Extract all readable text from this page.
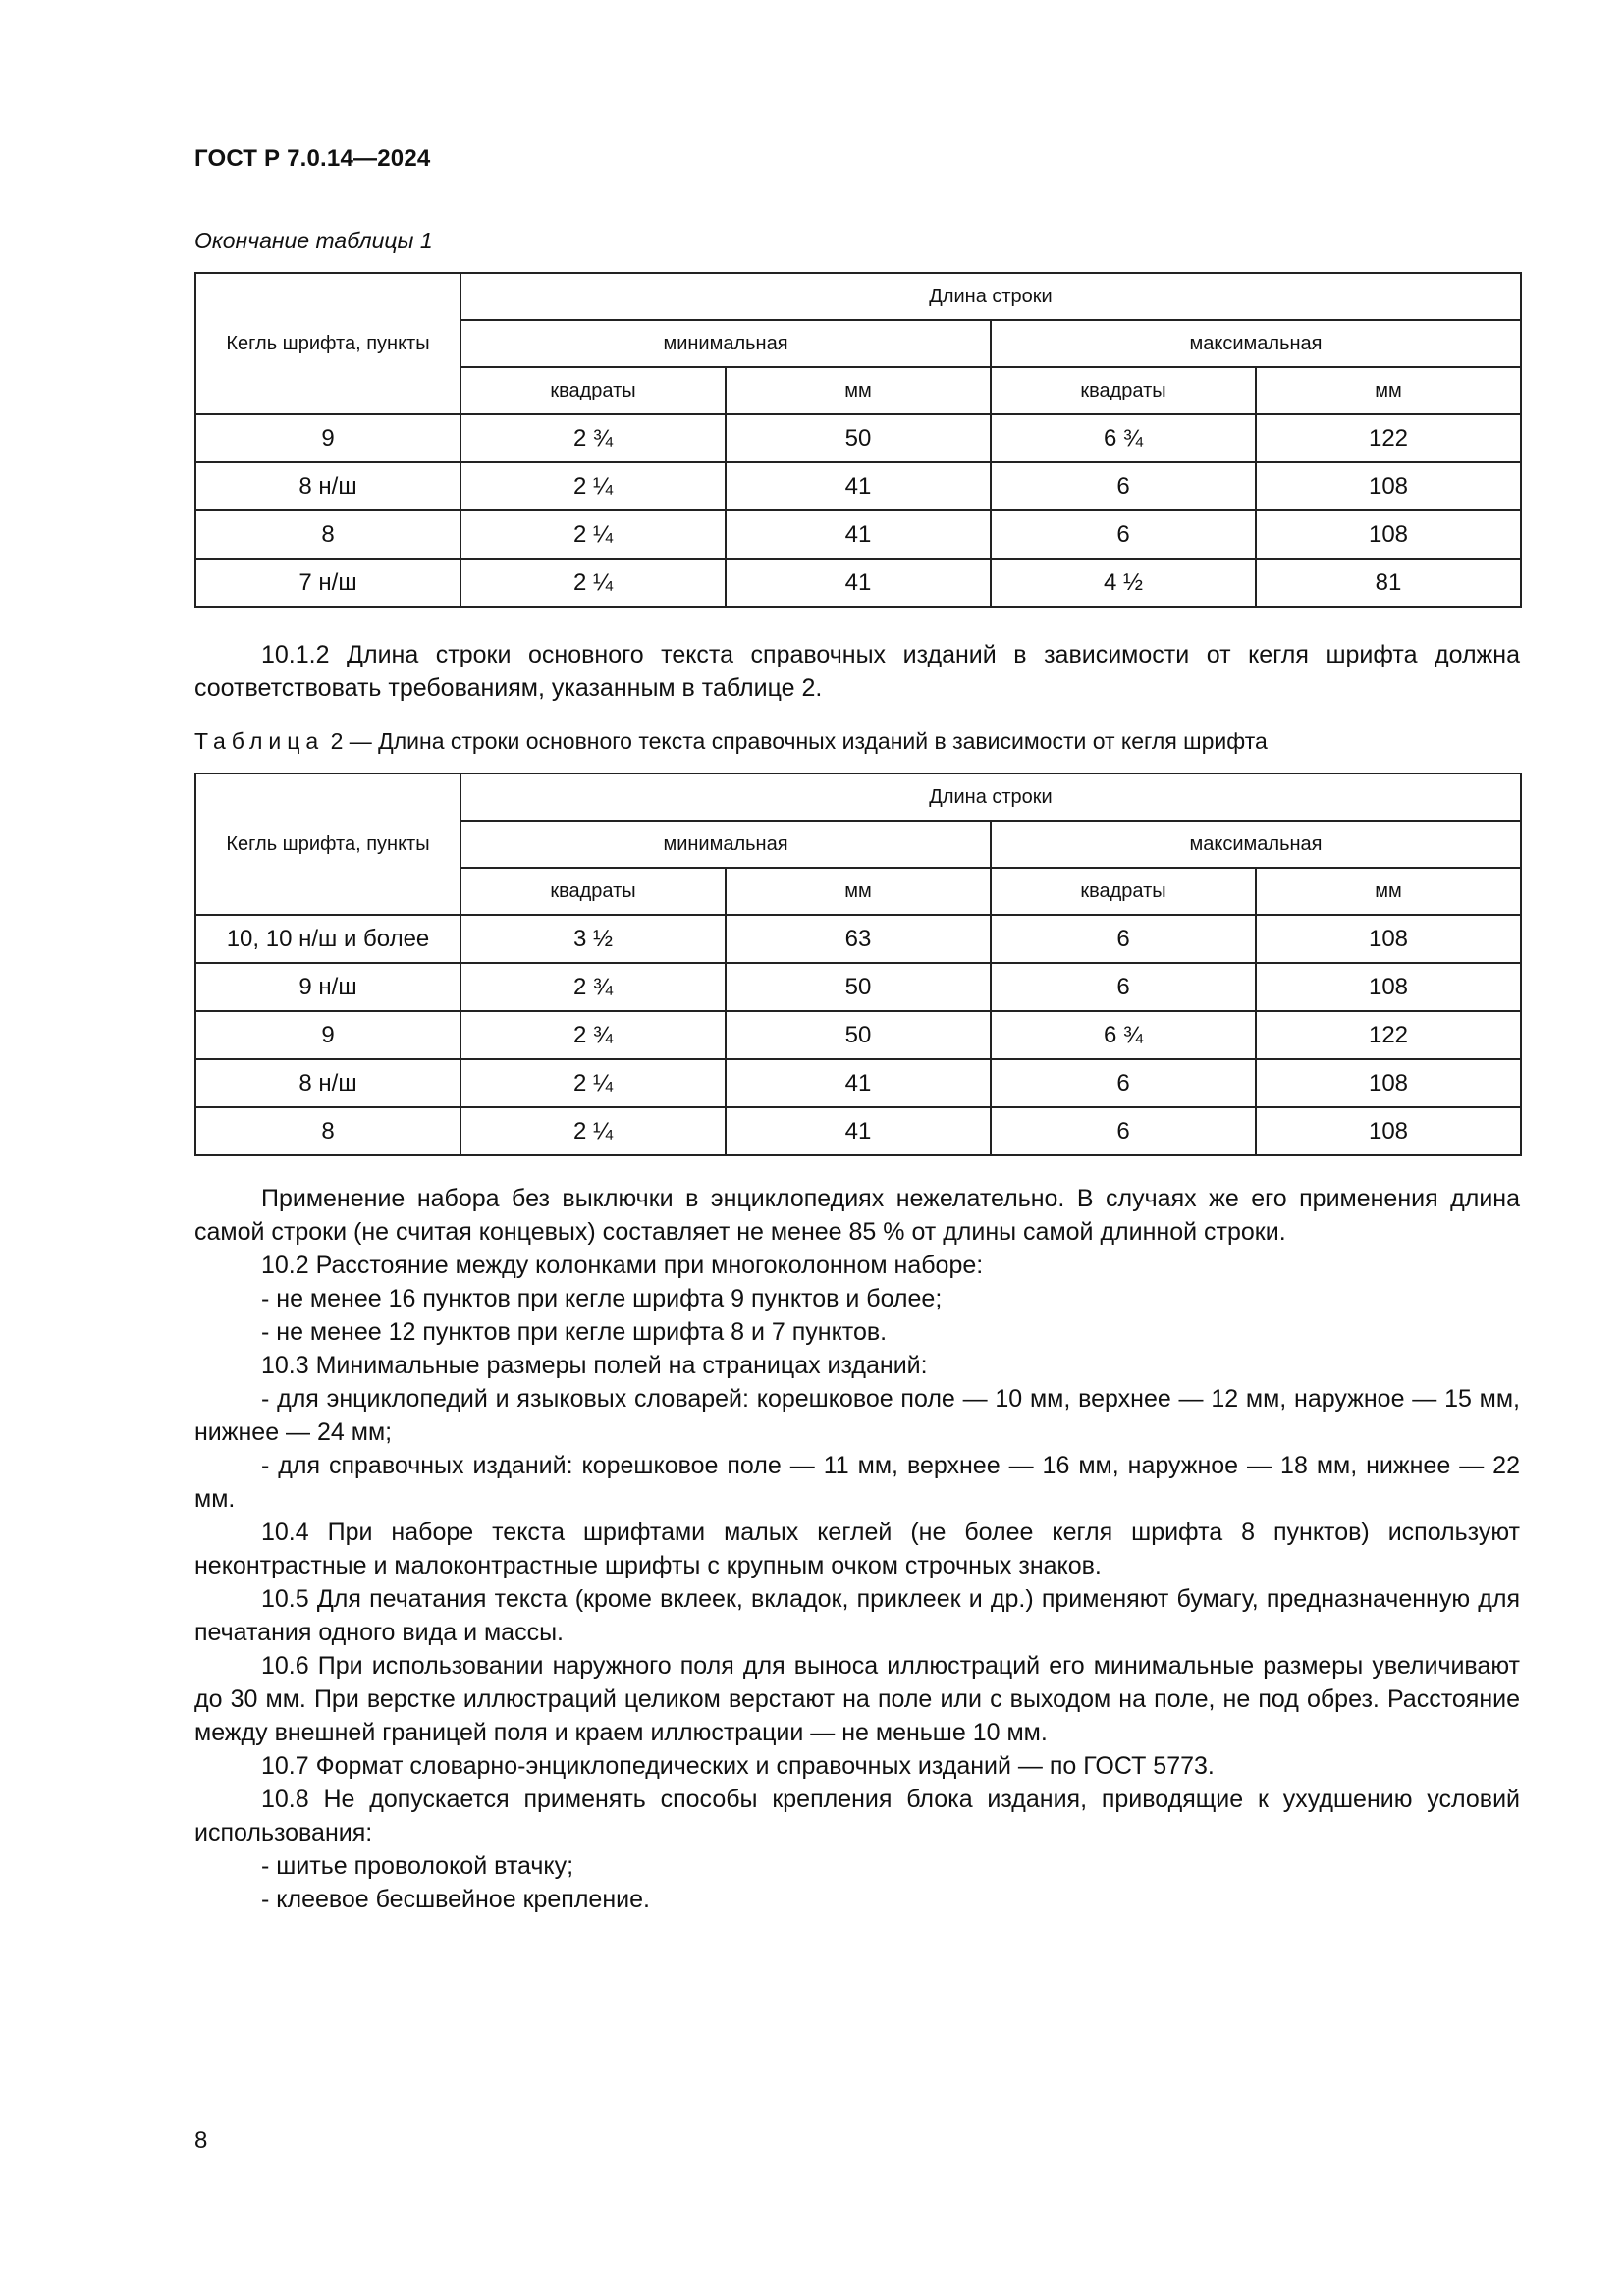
ГОСТ Р 7.0.14—2024
Окончание таблицы 1
Кегль шрифта, пункты	Длина строки			
	минимальная		максимальная	
	квадраты	мм	квадраты	мм
9	2 ¾	50	6 ¾	122
8 н/ш	2 ¼	41	6	108
8	2 ¼	41	6	108
7 н/ш	2 ¼	41	4 ½	81

10.1.2 Длина строки основного текста справочных изданий в зависимости от кегля шрифта должна соответствовать требованиям, указанным в таблице 2.

Таблица 2 — Длина строки основного текста справочных изданий в зависимости от кегля шрифта
Кегль шрифта, пункты	Длина строки			
	минимальная		максимальная	
	квадраты	мм	квадраты	мм
10, 10 н/ш и более	3 ½	63	6	108
9 н/ш	2 ¾	50	6	108
9	2 ¾	50	6 ¾	122
8 н/ш	2 ¼	41	6	108
8	2 ¼	41	6	108

Применение набора без выключки в энциклопедиях нежелательно. В случаях же его применения длина самой строки (не считая концевых) составляет не менее 85 % от длины самой длинной строки.

10.2 Расстояние между колонками при многоколонном наборе:

- не менее 16 пунктов при кегле шрифта 9 пунктов и более;

- не менее 12 пунктов при кегле шрифта 8 и 7 пунктов.

10.3 Минимальные размеры полей на страницах изданий:

- для энциклопедий и языковых словарей: корешковое поле — 10 мм, верхнее — 12 мм, наружное — 15 мм, нижнее — 24 мм;

- для справочных изданий: корешковое поле — 11 мм, верхнее — 16 мм, наружное — 18 мм, нижнее — 22 мм.

10.4 При наборе текста шрифтами малых кеглей (не более кегля шрифта 8 пунктов) используют неконтрастные и малоконтрастные шрифты с крупным очком строчных знаков.

10.5 Для печатания текста (кроме вклеек, вкладок, приклеек и др.) применяют бумагу, предназначенную для печатания одного вида и массы.

10.6 При использовании наружного поля для выноса иллюстраций его минимальные размеры увеличивают до 30 мм. При верстке иллюстраций целиком верстают на поле или с выходом на поле, не под обрез. Расстояние между внешней границей поля и краем иллюстрации — не меньше 10 мм.

10.7 Формат словарно-энциклопедических и справочных изданий — по ГОСТ 5773.

10.8 Не допускается применять способы крепления блока издания, приводящие к ухудшению условий использования:

- шитье проволокой втачку;

- клеевое бесшвейное крепление.

8
